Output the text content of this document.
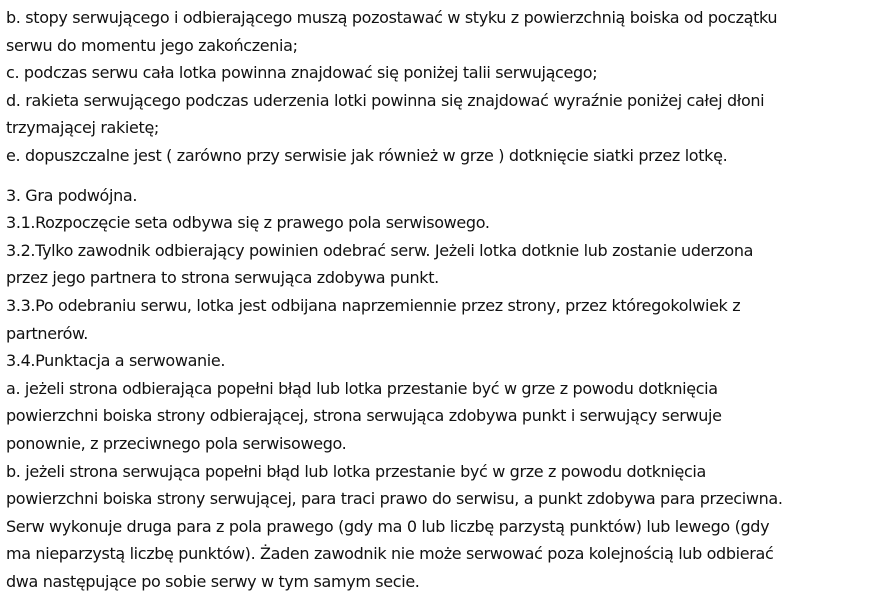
b. stopy serwującego i odbierającego muszą pozostawać w styku z powierzchnią boiska od początku
serwu do momentu jego zakończenia;
c. podczas serwu cała lotka powinna znajdować się poniżej talii serwującego;
d. rakieta serwującego podczas uderzenia lotki powinna się znajdować wyraźnie poniżej całej dłoni
trzymającej rakietę;
e. dopuszczalne jest ( zarówno przy serwisie jak również w grze ) dotknięcie siatki przez lotkę.
3. Gra podwójna.
3.1.Rozpoczęcie seta odbywa się z prawego pola serwisowego.
3.2.Tylko zawodnik odbierający powinien odebrać serw. Jeżeli lotka dotknie lub zostanie uderzona
przez jego partnera to strona serwująca zdobywa punkt.
3.3.Po odebraniu serwu, lotka jest odbijana naprzemiennie przez strony, przez któregokolwiek z
partnerów.
3.4.Punktacja a serwowanie.
a. jeżeli strona odbierająca popełni błąd lub lotka przestanie być w grze z powodu dotknięcia
powierzchni boiska strony odbierającej, strona serwująca zdobywa punkt i serwujący serwuje
ponownie, z przeciwnego pola serwisowego.
b. jeżeli strona serwująca popełni błąd lub lotka przestanie być w grze z powodu dotknięcia
powierzchni boiska strony serwującej, para traci prawo do serwisu, a punkt zdobywa para przeciwna.
Serw wykonuje druga para z pola prawego (gdy ma 0 lub liczbę parzystą punktów) lub lewego (gdy
ma nieparzystą liczbę punktów). Żaden zawodnik nie może serwować poza kolejnością lub odbierać
dwa następujące po sobie serwy w tym samym secie.
